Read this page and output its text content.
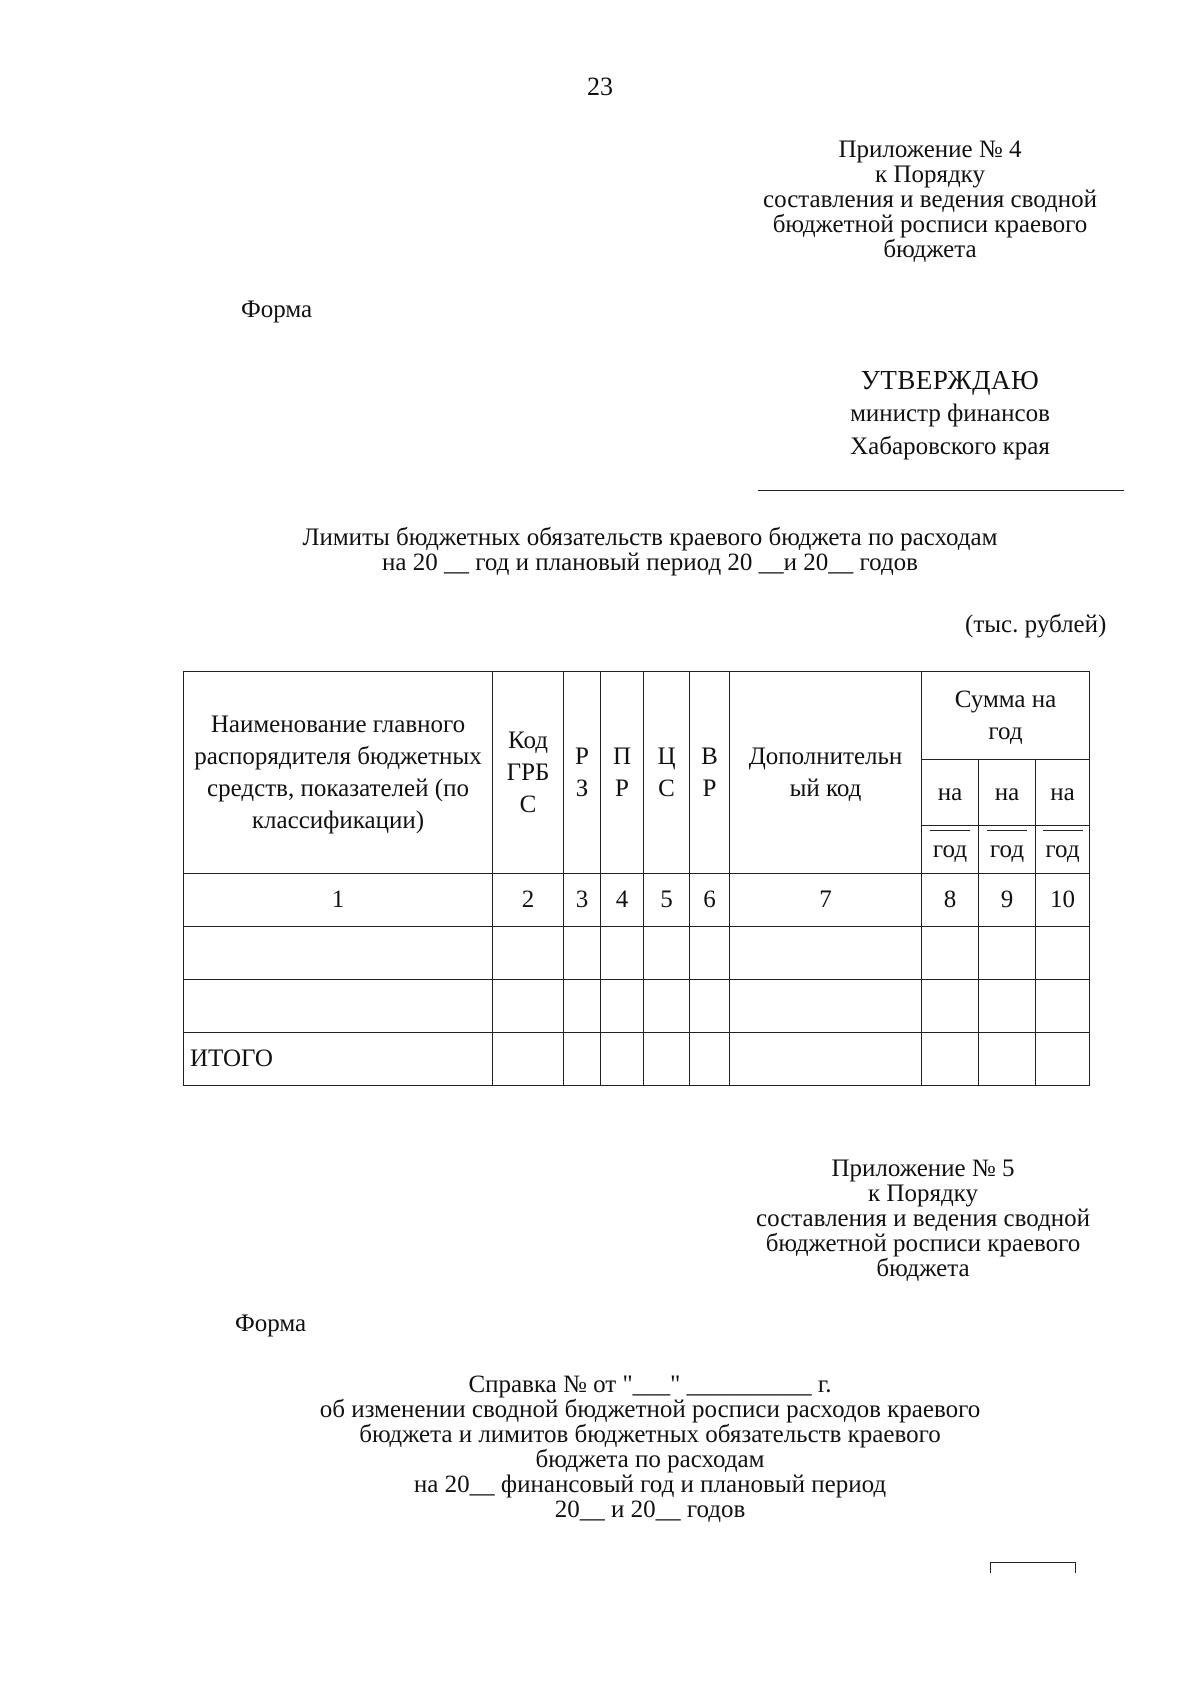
23
Приложение № 4
к Порядку
составления и ведения сводной
бюджетной росписи краевого
бюджета
Форма
УТВЕРЖДАЮ
министр финансов
Хабаровского края
Лимиты бюджетных обязательств краевого бюджета по расходам
на 20 __ год и плановый период 20 __и 20__ годов
(тыс. рублей)
Наименование главного распорядителя бюджетных средств, показателей (по классификации)	Код ГРБ С	Р З	П Р	Ц С	В Р	Дополнительн ый код	Сумма на год		
							на	на	на
							год	год	год
1	2	3	4	5	6	7	8	9	10

ИТОГО									
Приложение № 5
к Порядку
составления и ведения сводной
бюджетной росписи краевого
бюджета
Форма
Справка № от "___" __________ г.
об изменении сводной бюджетной росписи расходов краевого
бюджета и лимитов бюджетных обязательств краевого
бюджета по расходам
на 20__ финансовый год и плановый период
20__ и 20__ годов
